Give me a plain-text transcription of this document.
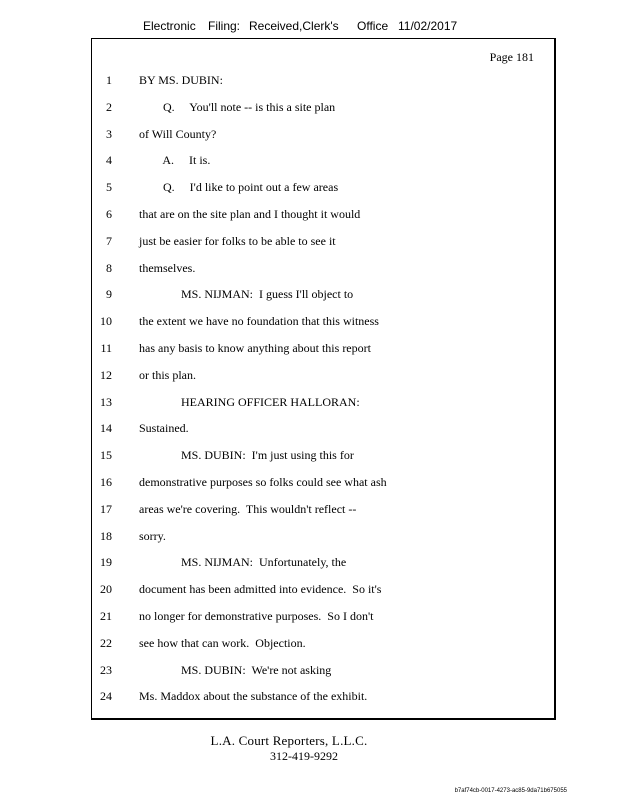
Electronic Filing: Received,Clerk's Office 11/02/2017
Page 181
1 BY MS. DUBIN:
2 Q.     You'll note -- is this a site plan
3 of Will County?
4 A.     It is.
5 Q.     I'd like to point out a few areas
6 that are on the site plan and I thought it would
7 just be easier for folks to be able to see it
8 themselves.
9 MS. NIJMAN:  I guess I'll object to
10 the extent we have no foundation that this witness
11 has any basis to know anything about this report
12 or this plan.
13 HEARING OFFICER HALLORAN:
14 Sustained.
15 MS. DUBIN:  I'm just using this for
16 demonstrative purposes so folks could see what ash
17 areas we're covering.  This wouldn't reflect --
18 sorry.
19 MS. NIJMAN:  Unfortunately, the
20 document has been admitted into evidence.  So it's
21 no longer for demonstrative purposes.  So I don't
22 see how that can work.  Objection.
23 MS. DUBIN:  We're not asking
24 Ms. Maddox about the substance of the exhibit.
L.A. Court Reporters, L.L.C.
312-419-9292
b7af74cb-0017-4273-ac85-9da71b675055
